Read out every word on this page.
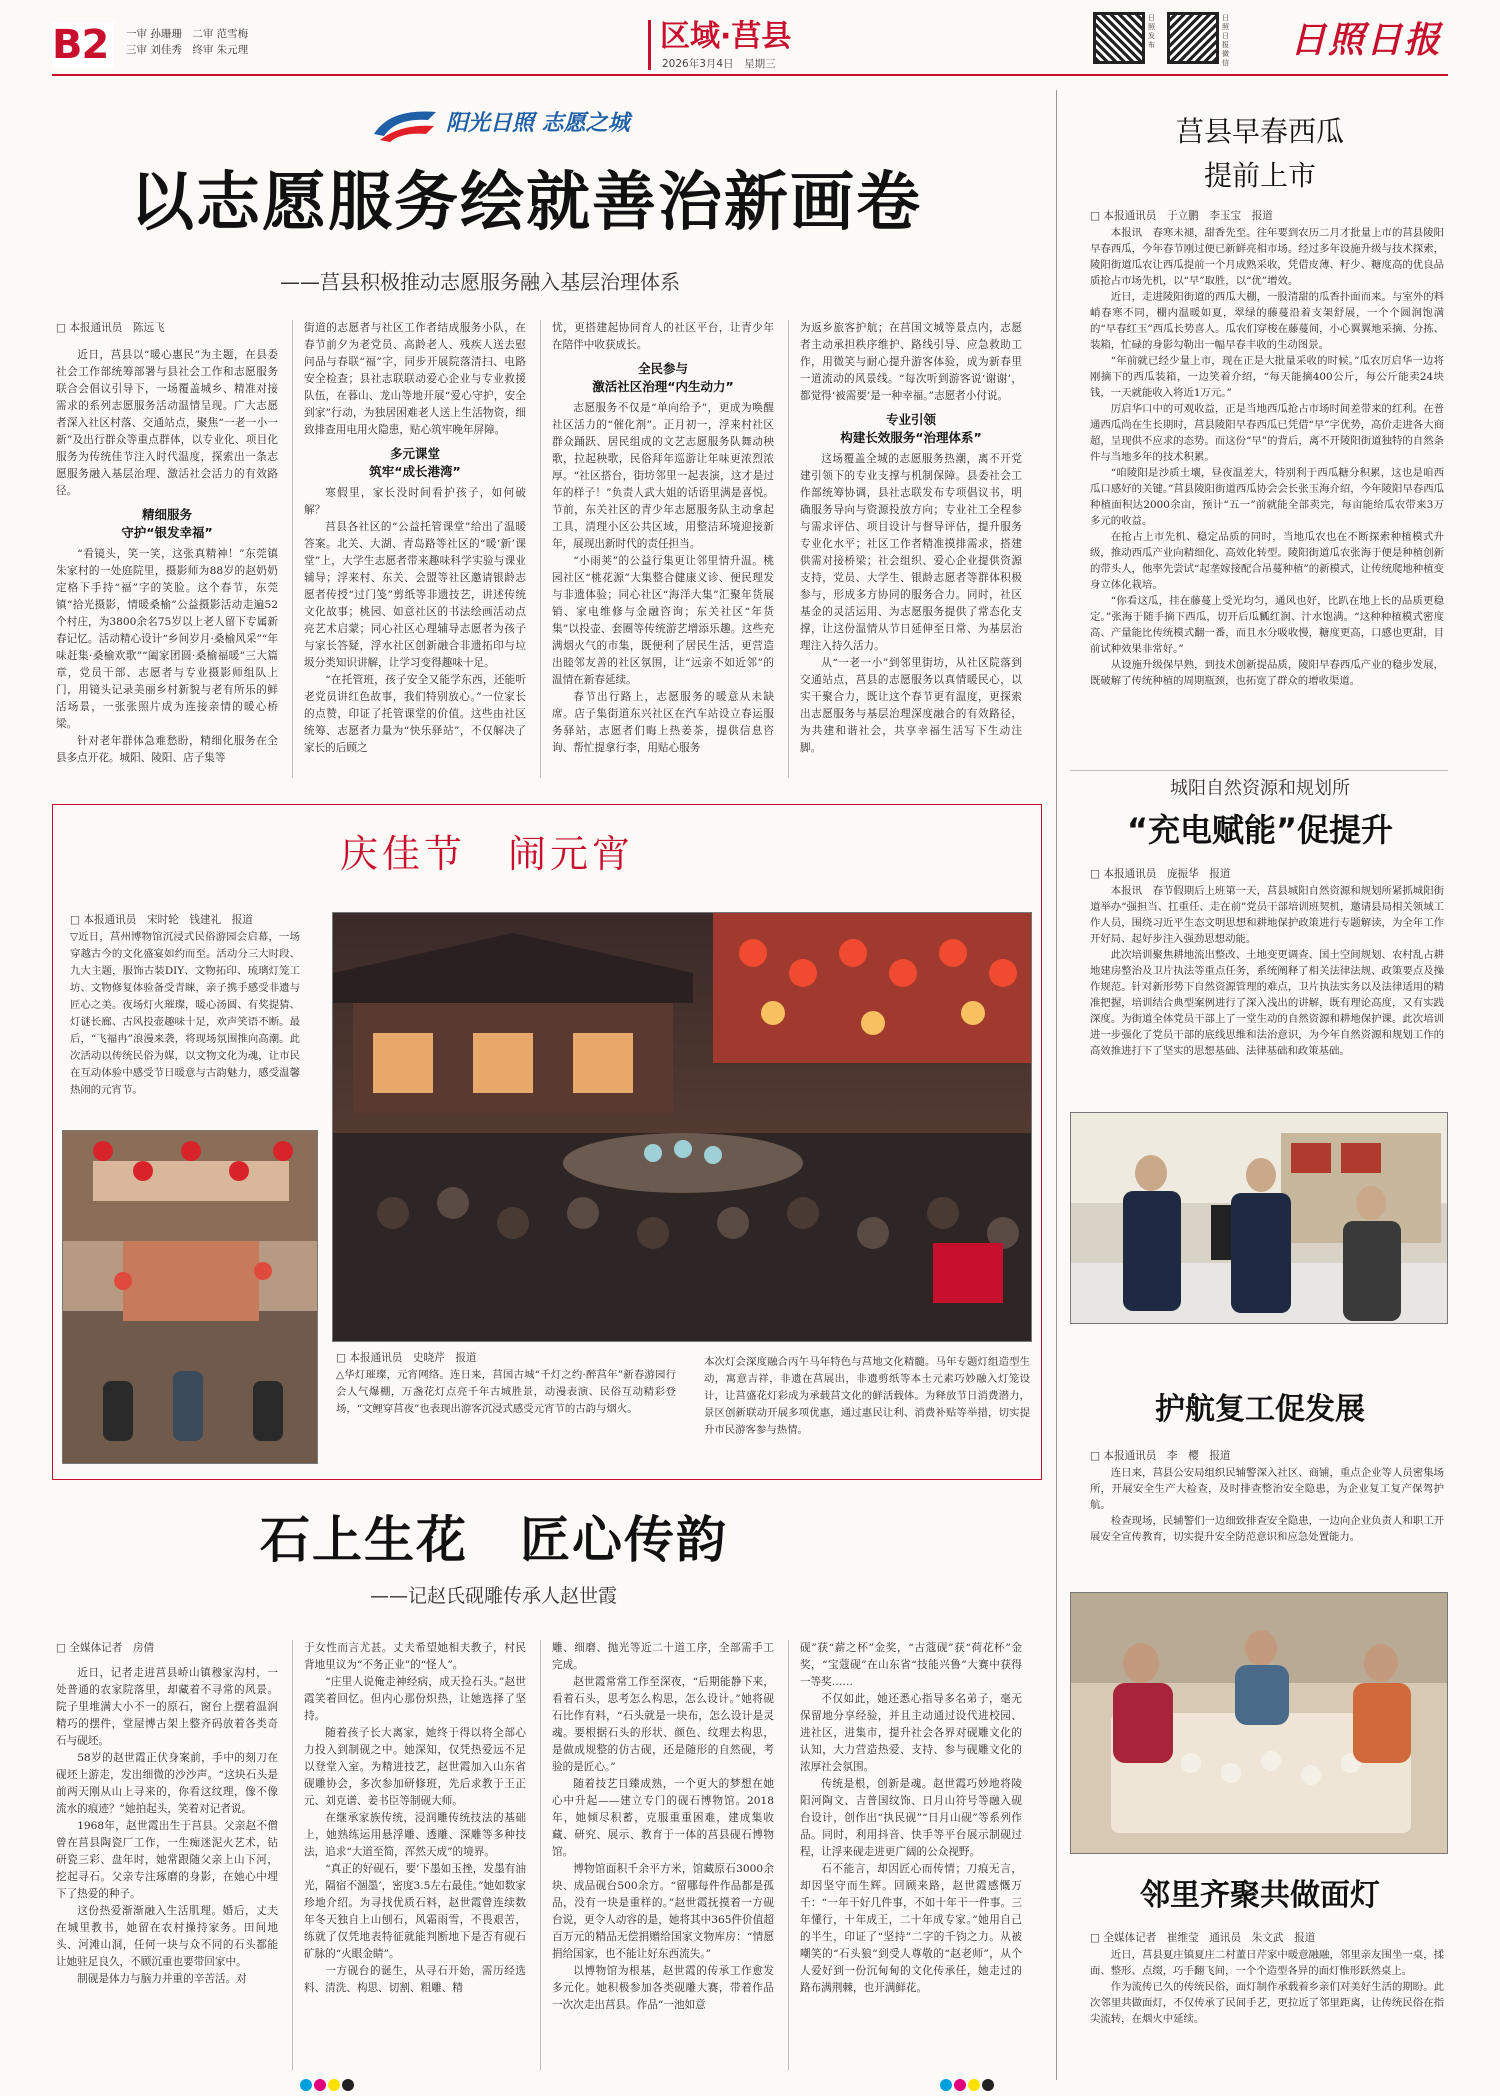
B2	一审 孙珊珊　二审 范雪梅
三审 刘佳秀　终审 朱元理	区域·莒县
2026年3月4日　星期三
日照发布
日照日报微信
日照日报
阳光日照 志愿之城
以志愿服务绘就善治新画卷
——莒县积极推动志愿服务融入基层治理体系
□ 本报通讯员　陈远飞

近日，莒县以“暖心惠民”为主题，在县委社会工作部统筹部署与县社会工作和志愿服务联合会倡议引导下，一场覆盖城乡、精准对接需求的系列志愿服务活动温情呈现。广大志愿者深入社区村落、交通站点，聚焦“一老一小一新”及出行群众等重点群体，以专业化、项目化服务为传统佳节注入时代温度，探索出一条志愿服务融入基层治理、激活社会活力的有效路径。

精细服务
守护“银发幸福”

“看镜头，笑一笑，这张真精神！”东莞镇朱家村的一处庭院里，摄影师为88岁的赵奶奶定格下手持“福”字的笑脸。这个春节，东莞镇“拾光摄影，情暖桑榆”公益摄影活动走遍52个村庄，为3800余名75岁以上老人留下专属新春记忆。活动精心设计“乡间岁月·桑榆风采”“年味赶集·桑榆欢歌”“阖家团圆·桑榆福暖”三大篇章，党员干部、志愿者与专业摄影师组队上门，用镜头记录美丽乡村新貌与老有所乐的鲜活场景，一张张照片成为连接亲情的暖心桥梁。

针对老年群体急难愁盼，精细化服务在全县多点开花。城阳、陵阳、店子集等

街道的志愿者与社区工作者结成服务小队，在春节前夕为老党员、高龄老人、残疾人送去慰问品与春联“福”字，同步开展院落清扫、电路安全检查；县社志联联动爱心企业与专业救援队伍，在暮山、龙山等地开展“爱心守护，安全到家”行动，为独居困难老人送上生活物资，细致排查用电用火隐患，贴心筑牢晚年屏障。

多元课堂
筑牢“成长港湾”

寒假里，家长没时间看护孩子，如何破解？

莒县各社区的“公益托管课堂”给出了温暖答案。北关、大湖、青岛路等社区的“暖‘新’课堂”上，大学生志愿者带来趣味科学实验与课业辅导；浮来村、东关、会盟等社区邀请银龄志愿者传授“过门笺”剪纸等非遗技艺，讲述传统文化故事；桃园、如意社区的书法绘画活动点亮艺术启蒙；同心社区心理辅导志愿者为孩子与家长答疑，浮水社区创新融合非遗拓印与垃圾分类知识讲解，让学习变得趣味十足。

“在托管班，孩子安全又能学东西，还能听老党员讲红色故事，我们特别放心。”一位家长的点赞，印证了托管课堂的价值。这些由社区统筹、志愿者力量为“快乐驿站”，不仅解决了家长的后顾之

忧，更搭建起协同育人的社区平台，让青少年在陪伴中收获成长。

全民参与
激活社区治理“内生动力”

志愿服务不仅是“单向给予”，更成为唤醒社区活力的“催化剂”。正月初一，浮来村社区群众踊跃、居民组成的文艺志愿服务队舞动秧歌，拉起秧歌，民俗拜年巡游让年味更浓烈浓厚。“社区搭台，街坊邻里一起表演，这才是过年的样子！”负责人武大姐的话语里满是喜悦。节前，东关社区的青少年志愿服务队主动拿起工具，清理小区公共区域，用整洁环境迎接新年，展现出新时代的责任担当。

“小雨荚”的公益行集更让邻里情升温。桃园社区“桃花源”大集整合健康义诊、便民理发与非遗体验；同心社区“海洋大集”汇聚年货展销、家电维修与金融咨询；东关社区“年货集”以投壶、套圈等传统游艺增添乐趣。这些充满烟火气的市集，既便利了居民生活，更营造出睦邻友善的社区氛围，让“远亲不如近邻”的温情在新春延续。

春节出行路上，志愿服务的暖意从未缺席。店子集街道东兴社区在汽车站设立春运服务驿站，志愿者们晦上热姜茶，提供信息咨询、帮忙提拿行李，用贴心服务

为返乡旅客护航；在莒国文城等景点内，志愿者主动承担秩序维护、路线引导、应急救助工作，用微笑与耐心提升游客体验，成为新春里一道流动的风景线。“每次听到游客说‘谢谢’，都觉得‘被需要’是一种幸福。”志愿者小付说。

专业引领
构建长效服务“治理体系”

这场覆盖全城的志愿服务热潮，离不开党建引领下的专业支撑与机制保障。县委社会工作部统筹协调，县社志联发布专项倡议书，明确服务导向与资源投放方向；专业社工全程参与需求评估、项目设计与督导评估，提升服务专业化水平；社区工作者精准摸排需求，搭建供需对接桥梁；社会组织、爱心企业提供资源支持，党员、大学生、银龄志愿者等群体积极参与，形成多方协同的服务合力。同时，社区基金的灵活运用、为志愿服务提供了常态化支撑，让这份温情从节日延伸至日常、为基层治理注入持久活力。

从“一老一小”到邻里街坊，从社区院落到交通站点，莒县的志愿服务以真情暖民心，以实干聚合力，既让这个春节更有温度，更探索出志愿服务与基层治理深度融合的有效路径，为共建和谐社会，共享幸福生活写下生动注脚。

莒县早春西瓜
提前上市
□ 本报通讯员　于立鹏　李玉宝　报道

本报讯　春寒未褪，甜香先至。往年要到农历二月才批量上市的莒县陵阳早春西瓜，今年春节刚过便已新鲜亮相市场。经过多年设施升级与技术探索，陵阳街道瓜农让西瓜提前一个月成熟采收，凭借皮薄、籽少、糖度高的优良品质抢占市场先机，以“早”取胜，以“优”增效。

近日，走进陵阳街道的西瓜大棚，一股清甜的瓜香扑面而来。与室外的料峭春寒不同，棚内温暖如夏，翠绿的藤蔓沿着支架舒展，一个个圆润饱满的“早春红玉”西瓜长势喜人。瓜农们穿梭在藤蔓间，小心翼翼地采摘、分拣、装箱，忙碌的身影勾勒出一幅早春丰收的生动图景。

“年前就已经少量上市，现在正是大批量采收的时候。”瓜农厉启华一边将刚摘下的西瓜装箱，一边笑着介绍，“每天能摘400公斤，每公斤能卖24块钱，一天就能收入将近1万元。”

厉启华口中的可观收益，正是当地西瓜抢占市场时间差带来的红利。在普通西瓜尚在生长期时，莒县陵阳早春西瓜已凭借“早”字优势，高价走进各大商超，呈现供不应求的态势。而这份“早”的背后，离不开陵阳街道独特的自然条件与当地多年的技术积累。

“咱陵阳是沙质土壤，昼夜温差大，特别利于西瓜糖分积累，这也是咱西瓜口感好的关键。”莒县陵阳街道西瓜协会会长张玉海介绍，今年陵阳早春西瓜种植面积达2000余亩，预计“五一”前就能全部卖完，每亩能给瓜农带来3万多元的收益。

在抢占上市先机、稳定品质的同时，当地瓜农也在不断探索种植模式升级，推动西瓜产业向精细化、高效化转型。陵阳街道瓜农张海于便是种植创新的带头人，他率先尝试“起垄嫁接配合吊蔓种植”的新模式，让传统爬地种植变身立体化栽培。

“你看这瓜，挂在藤蔓上受光均匀，通风也好，比趴在地上长的品质更稳定。”张海于随手摘下西瓜，切开后瓜瓤红润、汁水饱满。“这种种植模式密度高、产量能比传统模式翻一番，而且水分吸收慢，糖度更高，口感也更甜，目前试种效果非常好。”

从设施升级保早熟，到技术创新提品质，陵阳早春西瓜产业的稳步发展，既破解了传统种植的周期瓶颈，也拓宽了群众的增收渠道。

城阳自然资源和规划所
“充电赋能”促提升
□ 本报通讯员　庞振华　报道

本报讯　春节假期后上班第一天，莒县城阳自然资源和规划所紧抓城阳街道举办“强担当、扛重任、走在前”党员干部培训班契机，邀请县局相关领域工作人员，围绕习近平生态文明思想和耕地保护政策进行专题解读，为全年工作开好局、起好步注入强劲思想动能。

此次培训聚焦耕地流出整改、土地变更调查、国土空间规划、农村乱占耕地建房整治及卫片执法等重点任务，系统阐释了相关法律法规、政策要点及操作规范。针对新形势下自然资源管理的难点，卫片执法实务以及法律适用的精准把握，培训结合典型案例进行了深入浅出的讲解，既有理论高度，又有实践深度。为街道全体党员干部上了一堂生动的自然资源和耕地保护课。此次培训进一步强化了党员干部的底线思维和法治意识，为今年自然资源和规划工作的高效推进打下了坚实的思想基础、法律基础和政策基础。

护航复工促发展
□ 本报通讯员　李　樱　报道

连日来，莒县公安局组织民辅警深入社区、商铺，重点企业等人员密集场所，开展安全生产大检查，及时排查整治安全隐患，为企业复工复产保驾护航。

检查现场，民辅警们一边细致排查安全隐患，一边向企业负责人和职工开展安全宣传教育，切实提升安全防范意识和应急处置能力。

邻里齐聚共做面灯
□ 全媒体记者　崔维莹　通讯员　朱文武　报道

近日，莒县夏庄镇夏庄二村董日芹家中暖意融融，邻里亲友围坐一桌，揉面、整形、点缀，巧手翻飞间，一个个造型各异的面灯惟形跃然桌上。

作为流传已久的传统民俗，面灯制作承载着乡亲们对美好生活的期盼。此次邻里共做面灯，不仅传承了民间手艺，更拉近了邻里距离，让传统民俗在指尖流转，在烟火中延续。

庆佳节　闹元宵
□ 本报通讯员　宋时轮　钱建礼　报道
▽近日，莒州博物馆沉浸式民俗游园会启幕，一场穿越古今的文化盛宴如约而至。活动分三大时段、九大主题，服饰古装DIY、文物拓印、琉璃灯笼工坊、文物修复体验备受青睐，亲子携手感受非遗与匠心之美。夜场灯火璀璨，暖心汤圆、有奖提猜、灯谜长廊、古风投壶趣味十足，欢声笑语不断。最后，“飞福冉”浪漫来袭，将现场氛围推向高潮。此次活动以传统民俗为媒，以文物文化为魂，让市民在互动体验中感受节日暖意与古韵魅力，感受温馨热闹的元宵节。
□ 本报通讯员　史晓芹　报道
△华灯璀璨，元宵网络。连日来，莒国古城“千灯之约·醉莒年”新春游园行会人气爆棚，万盏花灯点亮千年古城胜景，动漫表演、民俗互动精彩登场，“文鲤穿莒夜”也表现出游客沉浸式感受元宵节的古韵与烟火。
本次灯会深度融合丙午马年特色与莒地文化精髓。马年专题灯组造型生动，寓意吉祥，非遗在莒展出，非遗剪纸等本土元素巧妙融入灯笼设计，让莒盛花灯彩成为承载莒文化的鲜活载体。为释放节日消费潜力，景区创新联动开展多项优惠，通过惠民让利、消费补贴等举措，切实提升市民游客参与热情。
石上生花　匠心传韵
——记赵氏砚雕传承人赵世霞
□ 全媒体记者　房倩

近日，记者走进莒县峤山镇穆家沟村，一处普通的农家院落里，却藏着不寻常的风景。院子里堆满大小不一的原石，窗台上摆着温润精巧的摆件，堂屋博古架上整齐码放着各类奇石与砚坯。

58岁的赵世霞正伏身案前，手中的刻刀在砚坯上游走，发出细微的沙沙声。“这块石头是前两天刚从山上寻来的，你看这纹理，像不像流水的痕迹？”她拍起头，笑着对记者说。

1968年，赵世霞出生于莒县。父亲赵不僧曾在莒县陶瓷厂工作，一生痴迷泥火艺术，钻研瓷三彩、盘年时，她常跟随父亲上山下河，挖起寻石。父亲专注琢磨的身影，在她心中埋下了热爱的种子。

这份热爱渐渐融入生活肌理。婚后，丈夫在城里教书，她留在农村操持家务。田间地头、河滩山洞，任何一块与众不同的石头都能让她驻足良久，不顾沉重也要带回家中。

制砚是体力与脑力并重的辛苦活。对

于女性而言尤甚。丈夫希望她相夫教子，村民背地里议为“不务正业”的“怪人”。

“庄里人说俺走神经病，成天捡石头。”赵世霞笑着回忆。但内心那份炽热，让她选择了坚持。

随着孩子长大离家，她终于得以将全部心力投入到制砚之中。她深知，仅凭热爱远不足以登堂入室。为精进技艺，赵世霞加入山东省砚雕协会，多次参加研修班，先后求教于王正元、刘克谱、姜书臣等制砚大师。

在继承家族传统，浸润雕传统技法的基础上，她熟练运用悬浮雕、透雕、深雕等多种技法，追求“大道至简，浑然天成”的境界。

“真正的好砚石，要‘下墨如玉挫，发墨有油光，隔宿不涸墨’，密度3.5左右最佳。”她如数家珍地介绍。为寻找优质石料，赵世霞曾连续数年冬天独自上山刨石，风霜雨雪，不畏艰苦，练就了仅凭地表特征就能判断地下是否有砚石矿脉的“火眼金睛”。

一方砚台的诞生，从寻石开始，需历经选料、清洗、构思、切割、粗雕、精

雕、细磨、抛光等近二十道工序，全部需手工完成。

赵世霞常常工作至深夜，“后期能静下来，看着石头，思考怎么构思，怎么设计。”她将砚石比作有料，“石头就是一块布，怎么设计是灵魂。要根据石头的形状、颜色、纹理去构思，是做成规整的仿古砚，还是随形的自然砚，考验的是匠心。”

随着技艺日臻成熟，一个更大的梦想在她心中升起——建立专门的砚石博物馆。2018年，她倾尽积蓄，克服重重困难，建成集收藏、研究、展示、教育于一体的莒县砚石博物馆。

博物馆面积千余平方米，馆藏原石3000余块、成品砚台500余方。“留哪每件作品都是孤品，没有一块是重样的。”赵世霞抚摸着一方砚台说，更令人动容的是，她将其中365件价值超百万元的精品无偿捐赠给国家文物库房：“情愿捐给国家，也不能让好东西流失。”

以博物馆为根基，赵世霞的传承工作愈发多元化。她积极参加各类砚雕大赛，带着作品一次次走出莒县。作品“一池如意

砚”获“薪之杯”金奖，“古蔻砚”获“荷花杯”金奖，“宝蔻砚”在山东省“技能兴鲁”大赛中获得一等奖……

不仅如此，她还悉心指导多名弟子，毫无保留地分享经验，并且主动通过设代进校园、进社区，进集市，提升社会各界对砚雕文化的认知，大力营造热爱、支持、参与砚雕文化的浓厚社会氛围。

传统是根，创新是魂。赵世霞巧妙地将陵阳河陶文、吉普国纹饰、日月山符号等融入砚台设计，创作出“执民砚”“日月山砚”等系列作品。同时，利用抖音、快手等平台展示制砚过程，让浮来砚走进更广阔的公众视野。

石不能言，却因匠心而传情；刀痕无言，却因坚守而生辉。回顾来路，赵世霞感慨万千：“一年干好几件事，不如十年干一件事。三年懂行，十年成王，二十年成专家。”她用自己的半生，印证了“坚持”二字的千钧之力。从被嘲笑的“石头狼”到受人尊敬的“赵老师”，从个人爱好到一份沉甸甸的文化传承任，她走过的路布满荆棘，也开满鲜花。
